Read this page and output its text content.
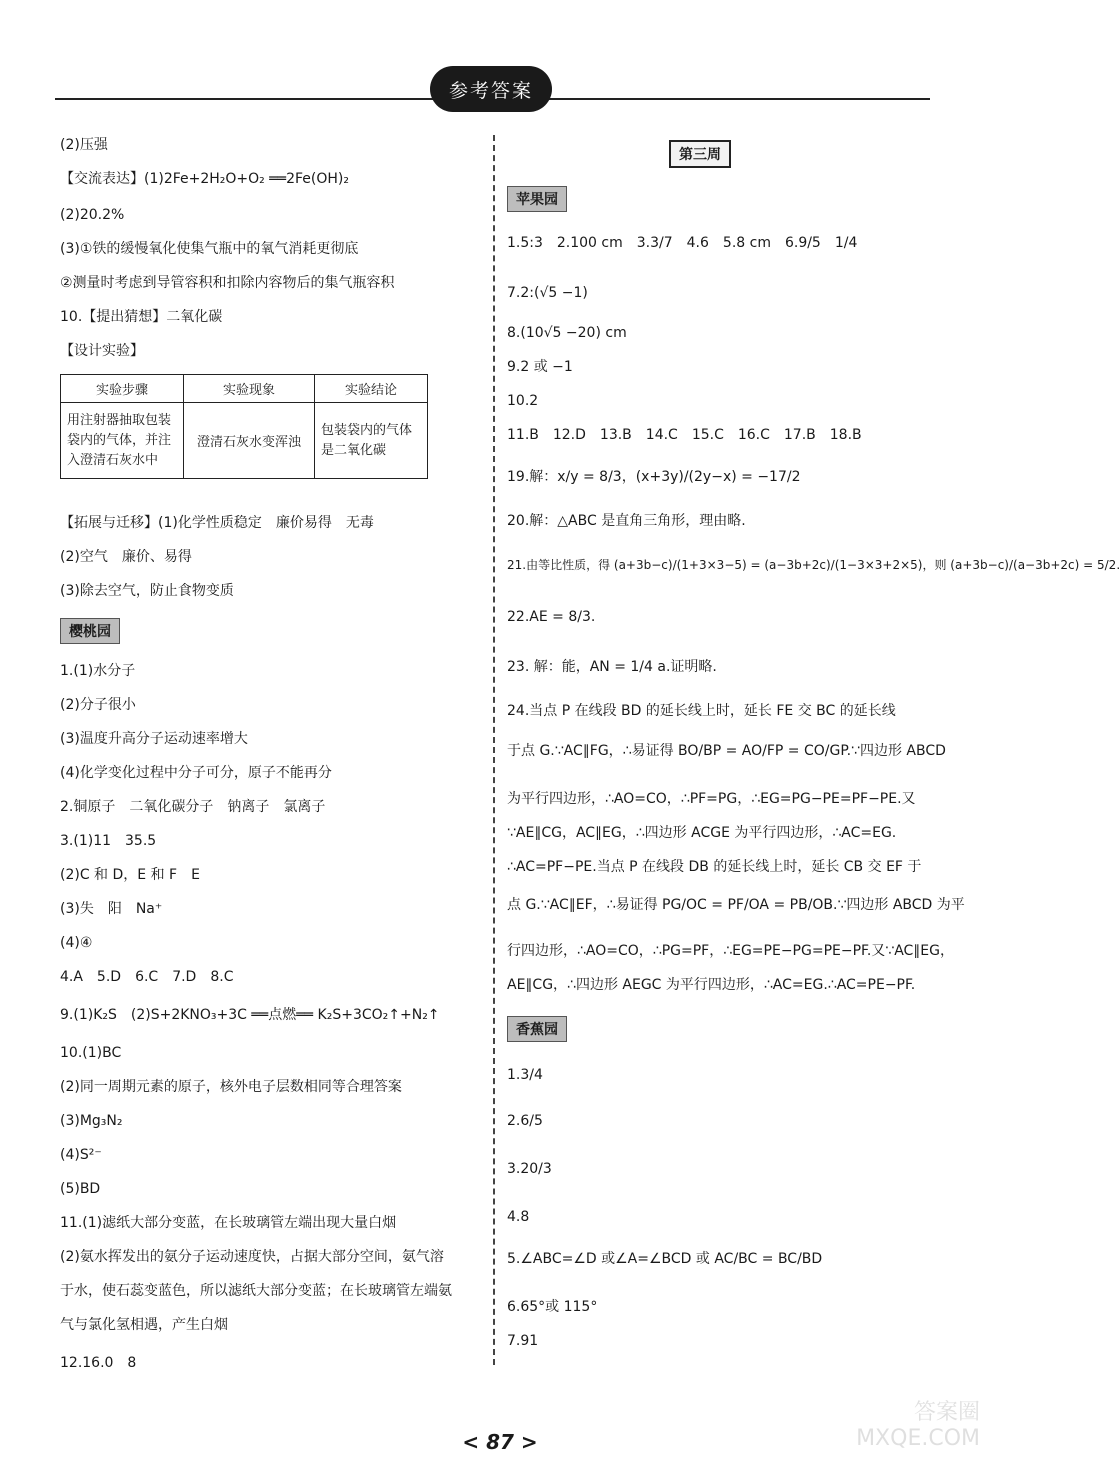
参考答案
(2)压强
【交流表达】(1)2Fe+2H₂O+O₂ ══2Fe(OH)₂
(2)20.2%
(3)①铁的缓慢氧化使集气瓶中的氧气消耗更彻底
②测量时考虑到导管容积和扣除内容物后的集气瓶容积
10.【提出猜想】二氧化碳
【设计实验】
实验步骤	实验现象	实验结论
用注射器抽取包装袋内的气体，并注入澄清石灰水中	澄清石灰水变浑浊	包装袋内的气体是二氧化碳
【拓展与迁移】(1)化学性质稳定　廉价易得　无毒
(2)空气　廉价、易得
(3)除去空气，防止食物变质
樱桃园
1.(1)水分子
(2)分子很小
(3)温度升高分子运动速率增大
(4)化学变化过程中分子可分，原子不能再分
2.铜原子　二氧化碳分子　钠离子　氯离子
3.(1)11　35.5
(2)C 和 D，E 和 F　E
(3)失　阳　Na⁺
(4)④
4.A　5.D　6.C　7.D　8.C
9.(1)K₂S　(2)S+2KNO₃+3C ══点燃══ K₂S+3CO₂↑+N₂↑
10.(1)BC
(2)同一周期元素的原子，核外电子层数相同等合理答案
(3)Mg₃N₂
(4)S²⁻
(5)BD
11.(1)滤纸大部分变蓝，在长玻璃管左端出现大量白烟
(2)氨水挥发出的氨分子运动速度快，占据大部分空间，氨气溶
于水，使石蕊变蓝色，所以滤纸大部分变蓝；在长玻璃管左端氨
气与氯化氢相遇，产生白烟
12.16.0　8
第三周
苹果园
1.5:3　2.100 cm　3.3/7　4.6　5.8 cm　6.9/5　1/4
7.2:(√5 −1)
8.(10√5 −20) cm
9.2 或 −1
10.2
11.B　12.D　13.B　14.C　15.C　16.C　17.B　18.B
19.解：x/y = 8/3，(x+3y)/(2y−x) = −17/2
20.解：△ABC 是直角三角形，理由略.
21.由等比性质，得 (a+3b−c)/(1+3×3−5) = (a−3b+2c)/(1−3×3+2×5)，则 (a+3b−c)/(a−3b+2c) = 5/2.
22.AE = 8/3.
23. 解：能，AN = 1/4 a.证明略.
24.当点 P 在线段 BD 的延长线上时，延长 FE 交 BC 的延长线
于点 G.∵AC∥FG，∴易证得 BO/BP = AO/FP = CO/GP.∵四边形 ABCD
为平行四边形，∴AO=CO，∴PF=PG，∴EG=PG−PE=PF−PE.又
∵AE∥CG，AC∥EG，∴四边形 ACGE 为平行四边形，∴AC=EG.
∴AC=PF−PE.当点 P 在线段 DB 的延长线上时，延长 CB 交 EF 于
点 G.∵AC∥EF，∴易证得 PG/OC = PF/OA = PB/OB.∵四边形 ABCD 为平
行四边形，∴AO=CO，∴PG=PF，∴EG=PE−PG=PE−PF.又∵AC∥EG，
AE∥CG，∴四边形 AEGC 为平行四边形，∴AC=EG.∴AC=PE−PF.
香蕉园
1.3/4
2.6/5
3.20/3
4.8
5.∠ABC=∠D 或∠A=∠BCD 或 AC/BC = BC/BD
6.65°或 115°
7.91
< 87 >
答案圈 MXQE.COM
